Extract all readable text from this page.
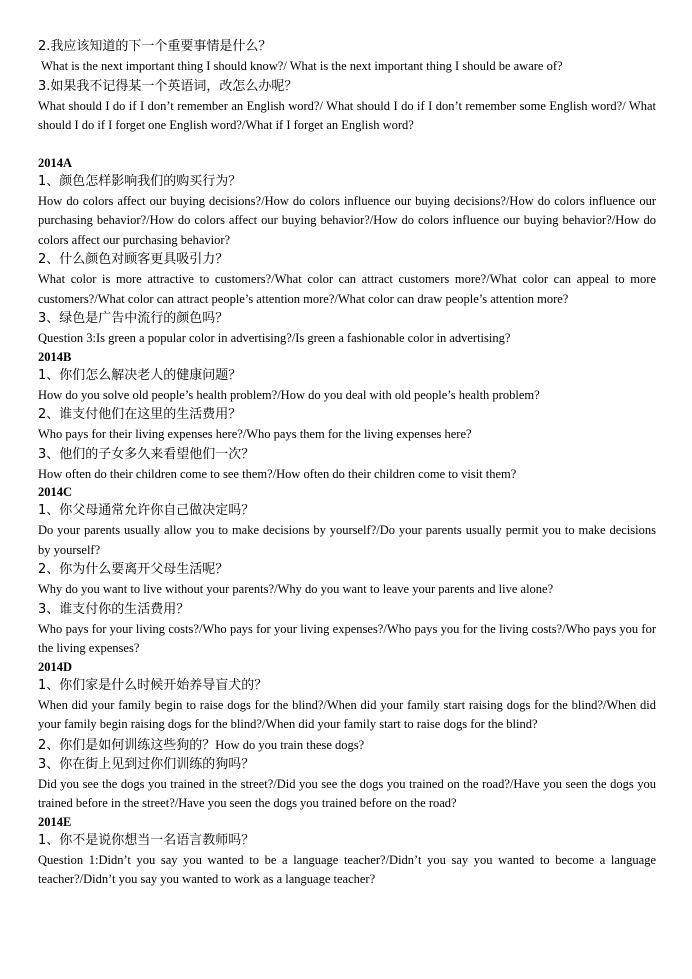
2.我应该知道的下一个重要事情是什么？
What is the next important thing I should know?/ What is the next important thing I should be aware of?
3.如果我不记得某一个英语词，改怎么办呢？
What should I do if I don’t remember an English word?/ What should I do if I don’t remember some English word?/ What should I do if I forget one English word?/What if I forget an English word?
2014A
1、颜色怎样影响我们的购买行为？
How do colors affect our buying decisions?/How do colors influence our buying decisions?/How do colors influence our purchasing behavior?/How do colors affect our buying behavior?/How do colors influence our buying behavior?/How do colors affect our purchasing behavior?
2、什么颜色对顾客更具吸引力？
What color is more attractive to customers?/What color can attract customers more?/What color can appeal to more customers?/What color can attract people’s attention more?/What color can draw people’s attention more?
3、绿色是广告中流行的颜色吗？
Question 3:Is green a popular color in advertising?/Is green a fashionable color in advertising?
2014B
1、你们怎么解决老人的健康问题？
How do you solve old people’s health problem?/How do you deal with old people’s health problem?
2、谁支付他们在这里的生活费用？
Who pays for their living expenses here?/Who pays them for the living expenses here?
3、他们的子女多久来看望他们一次？
How often do their children come to see them?/How often do their children come to visit them?
2014C
1、你父母通常允许你自己做决定吗？
Do your parents usually allow you to make decisions by yourself?/Do your parents usually permit you to make decisions by yourself?
2、你为什么要离开父母生活呢？
Why do you want to live without your parents?/Why do you want to leave your parents and live alone?
3、谁支付你的生活费用？
Who pays for your living costs?/Who pays for your living expenses?/Who pays you for the living costs?/Who pays you for the living expenses?
2014D
1、你们家是什么时候开始养导盲犬的？
When did your family begin to raise dogs for the blind?/When did your family start raising dogs for the blind?/When did your family begin raising dogs for the blind?/When did your family start to raise dogs for the blind?
2、你们是如何训练这些狗的？How do you train these dogs?
3、你在街上见到过你们训练的狗吗？
Did you see the dogs you trained in the street?/Did you see the dogs you trained on the road?/Have you seen the dogs you trained before in the street?/Have you seen the dogs you trained before on the road?
2014E
1、你不是说你想当一名语言教师吗？
Question 1:Didn’t you say you wanted to be a language teacher?/Didn’t you say you wanted to become a language teacher?/Didn’t you say you wanted to work as a language teacher?
